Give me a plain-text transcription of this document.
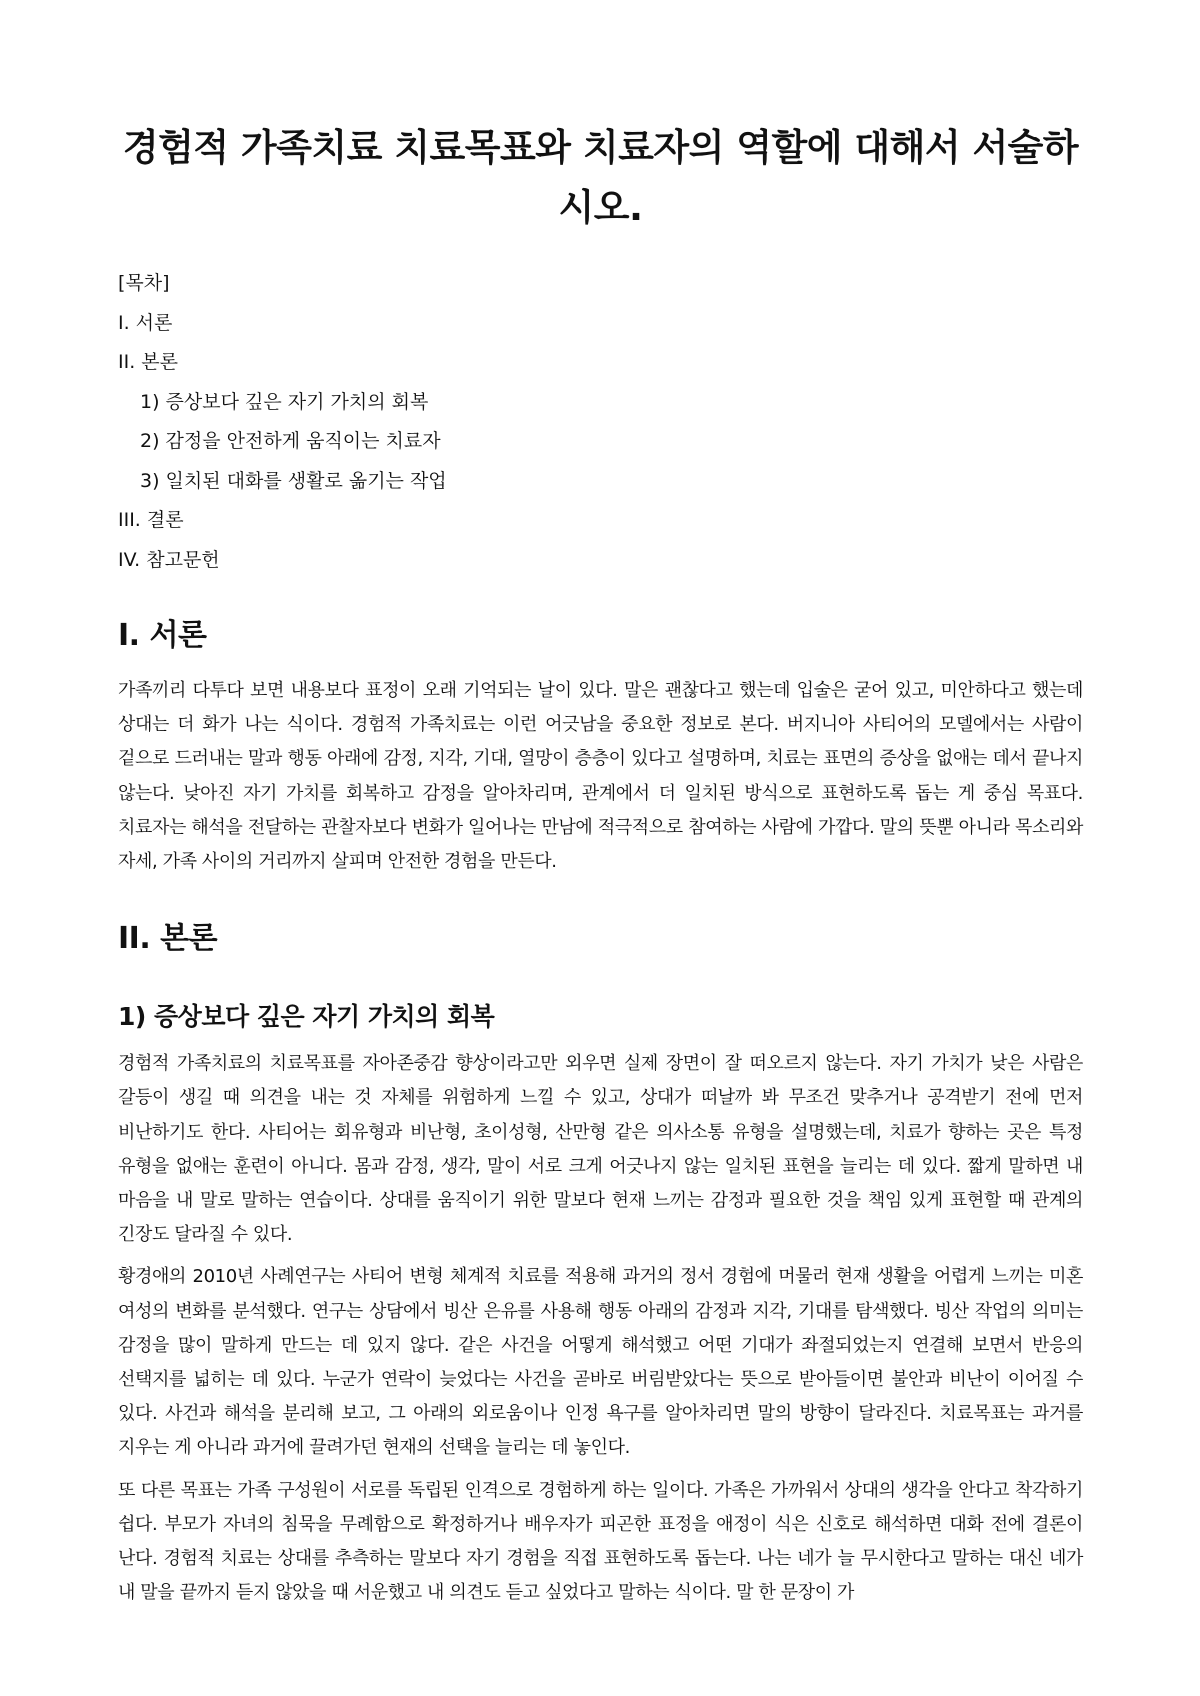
경험적 가족치료 치료목표와 치료자의 역할에 대해서 서술하시오.
[목차]
I. 서론
II. 본론
1) 증상보다 깊은 자기 가치의 회복
2) 감정을 안전하게 움직이는 치료자
3) 일치된 대화를 생활로 옮기는 작업
III. 결론
IV. 참고문헌
I. 서론

가족끼리 다투다 보면 내용보다 표정이 오래 기억되는 날이 있다. 말은 괜찮다고 했는데 입술은 굳어 있고, 미안하다고 했는데 상대는 더 화가 나는 식이다. 경험적 가족치료는 이런 어긋남을 중요한 정보로 본다. 버지니아 사티어의 모델에서는 사람이 겉으로 드러내는 말과 행동 아래에 감정, 지각, 기대, 열망이 층층이 있다고 설명하며, 치료는 표면의 증상을 없애는 데서 끝나지 않는다. 낮아진 자기 가치를 회복하고 감정을 알아차리며, 관계에서 더 일치된 방식으로 표현하도록 돕는 게 중심 목표다. 치료자는 해석을 전달하는 관찰자보다 변화가 일어나는 만남에 적극적으로 참여하는 사람에 가깝다. 말의 뜻뿐 아니라 목소리와 자세, 가족 사이의 거리까지 살피며 안전한 경험을 만든다.

II. 본론
1) 증상보다 깊은 자기 가치의 회복

경험적 가족치료의 치료목표를 자아존중감 향상이라고만 외우면 실제 장면이 잘 떠오르지 않는다. 자기 가치가 낮은 사람은 갈등이 생길 때 의견을 내는 것 자체를 위험하게 느낄 수 있고, 상대가 떠날까 봐 무조건 맞추거나 공격받기 전에 먼저 비난하기도 한다. 사티어는 회유형과 비난형, 초이성형, 산만형 같은 의사소통 유형을 설명했는데, 치료가 향하는 곳은 특정 유형을 없애는 훈련이 아니다. 몸과 감정, 생각, 말이 서로 크게 어긋나지 않는 일치된 표현을 늘리는 데 있다. 짧게 말하면 내 마음을 내 말로 말하는 연습이다. 상대를 움직이기 위한 말보다 현재 느끼는 감정과 필요한 것을 책임 있게 표현할 때 관계의 긴장도 달라질 수 있다.

황경애의 2010년 사례연구는 사티어 변형 체계적 치료를 적용해 과거의 정서 경험에 머물러 현재 생활을 어렵게 느끼는 미혼 여성의 변화를 분석했다. 연구는 상담에서 빙산 은유를 사용해 행동 아래의 감정과 지각, 기대를 탐색했다. 빙산 작업의 의미는 감정을 많이 말하게 만드는 데 있지 않다. 같은 사건을 어떻게 해석했고 어떤 기대가 좌절되었는지 연결해 보면서 반응의 선택지를 넓히는 데 있다. 누군가 연락이 늦었다는 사건을 곧바로 버림받았다는 뜻으로 받아들이면 불안과 비난이 이어질 수 있다. 사건과 해석을 분리해 보고, 그 아래의 외로움이나 인정 욕구를 알아차리면 말의 방향이 달라진다. 치료목표는 과거를 지우는 게 아니라 과거에 끌려가던 현재의 선택을 늘리는 데 놓인다.

또 다른 목표는 가족 구성원이 서로를 독립된 인격으로 경험하게 하는 일이다. 가족은 가까워서 상대의 생각을 안다고 착각하기 쉽다. 부모가 자녀의 침묵을 무례함으로 확정하거나 배우자가 피곤한 표정을 애정이 식은 신호로 해석하면 대화 전에 결론이 난다. 경험적 치료는 상대를 추측하는 말보다 자기 경험을 직접 표현하도록 돕는다. 나는 네가 늘 무시한다고 말하는 대신 네가 내 말을 끝까지 듣지 않았을 때 서운했고 내 의견도 듣고 싶었다고 말하는 식이다. 말 한 문장이 가
